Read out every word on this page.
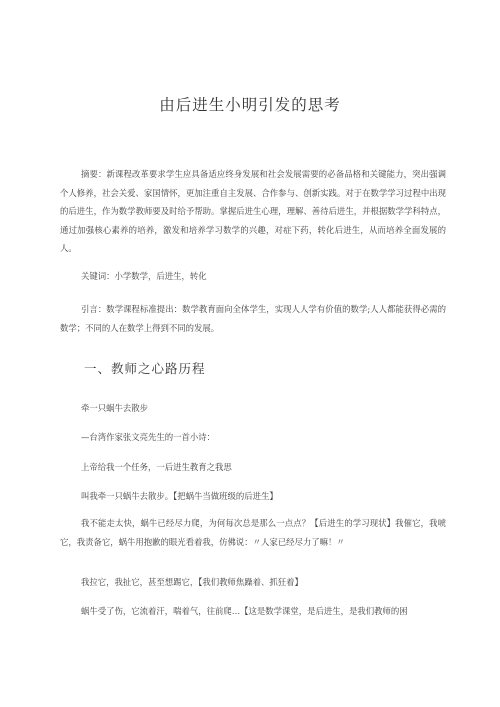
由后进生小明引发的思考

摘要：新课程改革要求学生应具备适应终身发展和社会发展需要的必备品格和关键能力，突出强调个人修养，社会关爱、家国情怀，更加注重自主发展、合作参与、创新实践。对于在数学学习过程中出现的后进生，作为数学教师要及时给予帮助。掌握后进生心理，理解、善待后进生，并根据数学学科特点，通过加强核心素养的培养，激发和培养学习数学的兴趣，对症下药，转化后进生，从而培养全面发展的人。

关键词：小学数学，后进生，转化

引言：数学课程标准提出：数学教育面向全体学生，实现人人学有价值的数学;人人都能获得必需的数学；不同的人在数学上得到不同的发展。

一、教师之心路历程
牵一只蜗牛去散步
—台湾作家张文亮先生的一首小诗：
上帝给我一个任务，一后进生教育之我思
叫我牵一只蜗牛去散步。【把蜗牛当做班级的后进生】

我不能走太快，蜗牛已经尽力爬，为何每次总是那么一点点？【后进生的学习现状】我催它，我唬它，我责备它，蜗牛用抱歉的眼光看着我，仿佛说：〃人家已经尽力了嘛！〃

我拉它，我扯它，甚至想踢它，【我们教师焦躁着、抓狂着】
蜗牛受了伤，它流着汗，喘着气，往前爬…【这是数学课堂，是后进生，是我们教师的困
